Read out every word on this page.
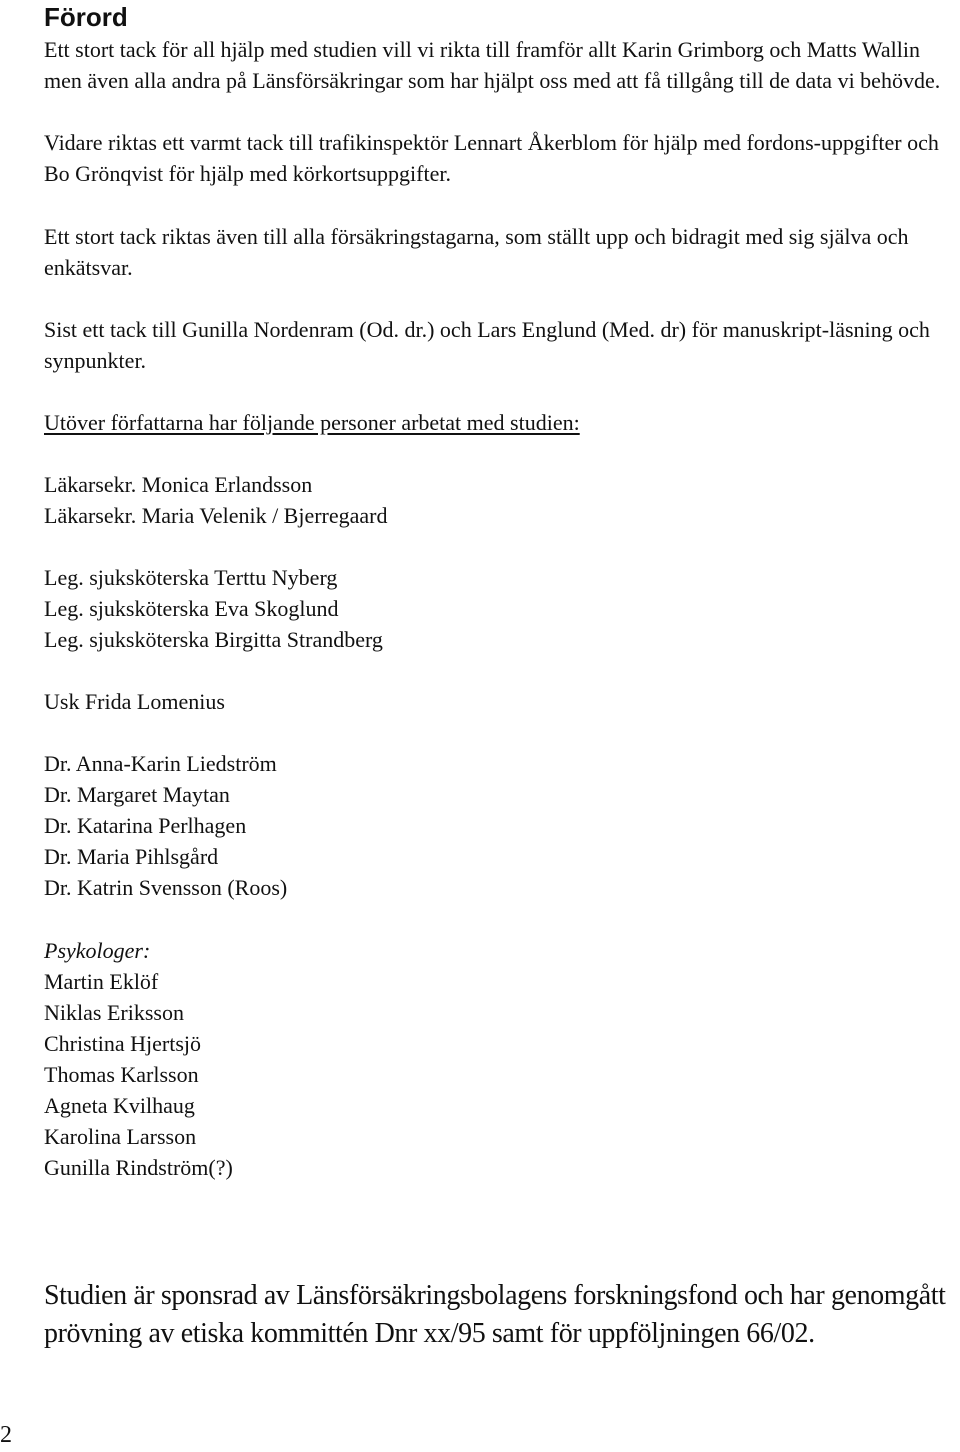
Förord

Ett stort tack för all hjälp med studien vill vi rikta till framför allt Karin Grimborg och Matts Wallin men även alla andra på Länsförsäkringar som har hjälpt oss med att få tillgång till de data vi behövde.

Vidare riktas ett varmt tack till trafikinspektör Lennart Åkerblom för hjälp med fordons-uppgifter och Bo Grönqvist för hjälp med körkortsuppgifter.

Ett stort tack riktas även till alla försäkringstagarna, som ställt upp och bidragit med sig själva och enkätsvar.

Sist ett tack till Gunilla Nordenram (Od. dr.) och Lars Englund (Med. dr) för manuskript-läsning och synpunkter.

Utöver författarna har följande personer arbetat med studien:

Läkarsekr. Monica Erlandsson

Läkarsekr. Maria Velenik / Bjerregaard

Leg. sjuksköterska Terttu Nyberg

Leg. sjuksköterska Eva Skoglund

Leg. sjuksköterska Birgitta Strandberg

Usk Frida Lomenius

Dr. Anna-Karin Liedström

Dr. Margaret Maytan

Dr. Katarina Perlhagen

Dr. Maria Pihlsgård

Dr. Katrin Svensson (Roos)

Psykologer:

Martin Eklöf

Niklas Eriksson

Christina Hjertsjö

Thomas Karlsson

Agneta Kvilhaug

Karolina Larsson

Gunilla Rindström(?)

Studien är sponsrad av Länsförsäkringsbolagens forskningsfond och har genomgått prövning av etiska kommittén Dnr xx/95 samt för uppföljningen 66/02.

2
